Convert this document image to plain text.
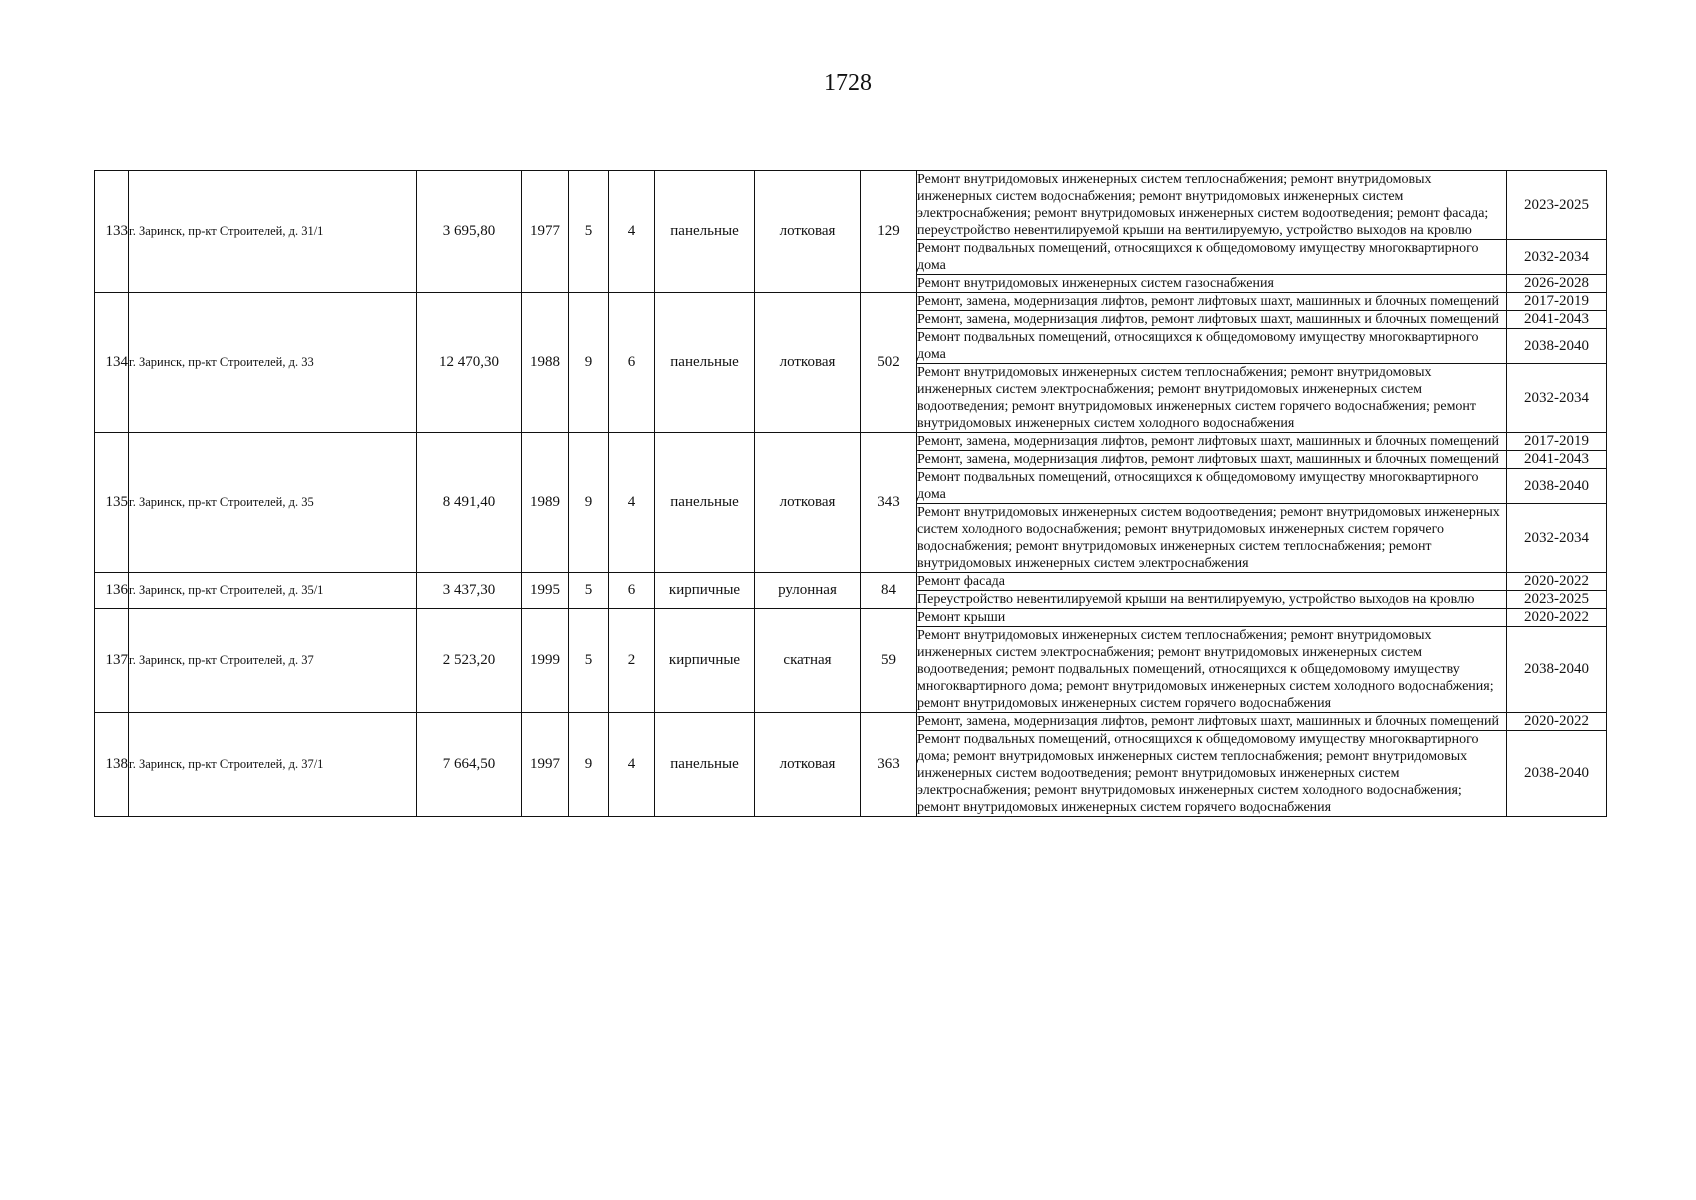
1728
133	г. Заринск, пр-кт Строителей, д. 31/1	3 695,80	1977	5	4	панельные	лотковая	129	Ремонт внутридомовых инженерных систем теплоснабжения; ремонт внутридомовых инженерных систем водоснабжения; ремонт внутридомовых инженерных систем электроснабжения; ремонт внутридомовых инженерных систем водоотведения; ремонт фасада; переустройство невентилируемой крыши на вентилируемую, устройство выходов на кровлю	2023-2025
									Ремонт подвальных помещений, относящихся к общедомовому имуществу многоквартирного дома	2032-2034
									Ремонт внутридомовых инженерных систем газоснабжения	2026-2028
134	г. Заринск, пр-кт Строителей, д. 33	12 470,30	1988	9	6	панельные	лотковая	502	Ремонт, замена, модернизация лифтов, ремонт лифтовых шахт, машинных и блочных помещений	2017-2019
									Ремонт, замена, модернизация лифтов, ремонт лифтовых шахт, машинных и блочных помещений	2041-2043
									Ремонт подвальных помещений, относящихся к общедомовому имуществу многоквартирного дома	2038-2040
									Ремонт внутридомовых инженерных систем теплоснабжения; ремонт внутридомовых инженерных систем электроснабжения; ремонт внутридомовых инженерных систем водоотведения; ремонт внутридомовых инженерных систем горячего водоснабжения; ремонт внутридомовых инженерных систем холодного водоснабжения	2032-2034
135	г. Заринск, пр-кт Строителей, д. 35	8 491,40	1989	9	4	панельные	лотковая	343	Ремонт, замена, модернизация лифтов, ремонт лифтовых шахт, машинных и блочных помещений	2017-2019
									Ремонт, замена, модернизация лифтов, ремонт лифтовых шахт, машинных и блочных помещений	2041-2043
									Ремонт подвальных помещений, относящихся к общедомовому имуществу многоквартирного дома	2038-2040
									Ремонт внутридомовых инженерных систем водоотведения; ремонт внутридомовых инженерных систем холодного водоснабжения; ремонт внутридомовых инженерных систем горячего водоснабжения; ремонт внутридомовых инженерных систем теплоснабжения; ремонт внутридомовых инженерных систем электроснабжения	2032-2034
136	г. Заринск, пр-кт Строителей, д. 35/1	3 437,30	1995	5	6	кирпичные	рулонная	84	Ремонт фасада	2020-2022
									Переустройство невентилируемой крыши на вентилируемую, устройство выходов на кровлю	2023-2025
137	г. Заринск, пр-кт Строителей, д. 37	2 523,20	1999	5	2	кирпичные	скатная	59	Ремонт крыши	2020-2022
									Ремонт внутридомовых инженерных систем теплоснабжения; ремонт внутридомовых инженерных систем электроснабжения; ремонт внутридомовых инженерных систем водоотведения; ремонт подвальных помещений, относящихся к общедомовому имуществу многоквартирного дома; ремонт внутридомовых инженерных систем холодного водоснабжения; ремонт внутридомовых инженерных систем горячего водоснабжения	2038-2040
138	г. Заринск, пр-кт Строителей, д. 37/1	7 664,50	1997	9	4	панельные	лотковая	363	Ремонт, замена, модернизация лифтов, ремонт лифтовых шахт, машинных и блочных помещений	2020-2022
									Ремонт подвальных помещений, относящихся к общедомовому имуществу многоквартирного дома; ремонт внутридомовых инженерных систем теплоснабжения; ремонт внутридомовых инженерных систем водоотведения; ремонт внутридомовых инженерных систем электроснабжения; ремонт внутридомовых инженерных систем холодного водоснабжения; ремонт внутридомовых инженерных систем горячего водоснабжения	2038-2040
